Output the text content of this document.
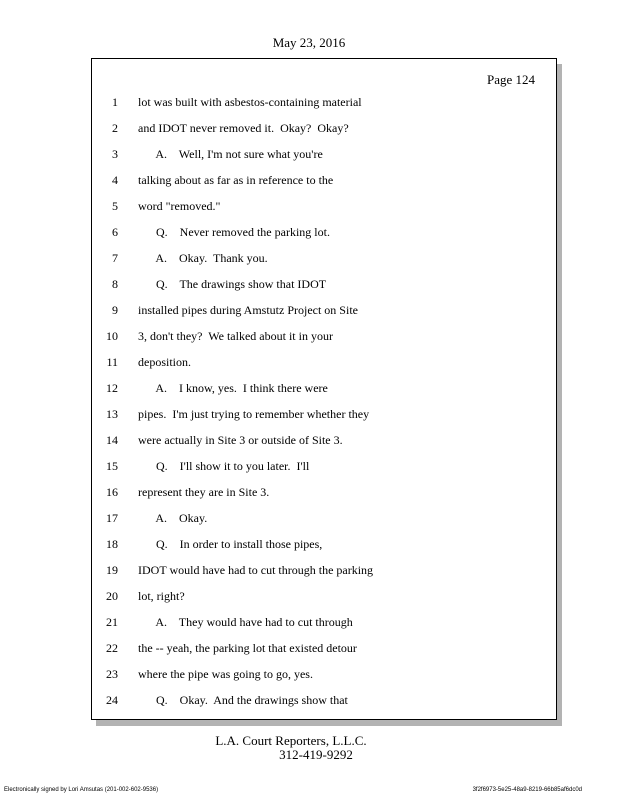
May 23, 2016
Page 124
1 lot was built with asbestos-containing material
2 and IDOT never removed it.  Okay?  Okay?
3 A.    Well, I'm not sure what you're
4 talking about as far as in reference to the
5 word "removed."
6 Q.    Never removed the parking lot.
7 A.    Okay.  Thank you.
8 Q.    The drawings show that IDOT
9 installed pipes during Amstutz Project on Site
10 3, don't they?  We talked about it in your
11 deposition.
12 A.    I know, yes.  I think there were
13 pipes.  I'm just trying to remember whether they
14 were actually in Site 3 or outside of Site 3.
15 Q.    I'll show it to you later.  I'll
16 represent they are in Site 3.
17 A.    Okay.
18 Q.    In order to install those pipes,
19 IDOT would have had to cut through the parking
20 lot, right?
21 A.    They would have had to cut through
22 the -- yeah, the parking lot that existed detour
23 where the pipe was going to go, yes.
24 Q.    Okay.  And the drawings show that
L.A. Court Reporters, L.L.C.
312-419-9292
Electronically signed by Lori Amsutas (201-002-602-9536)	3f2f6973-5e25-48a9-8219-66b85af6dc0d
